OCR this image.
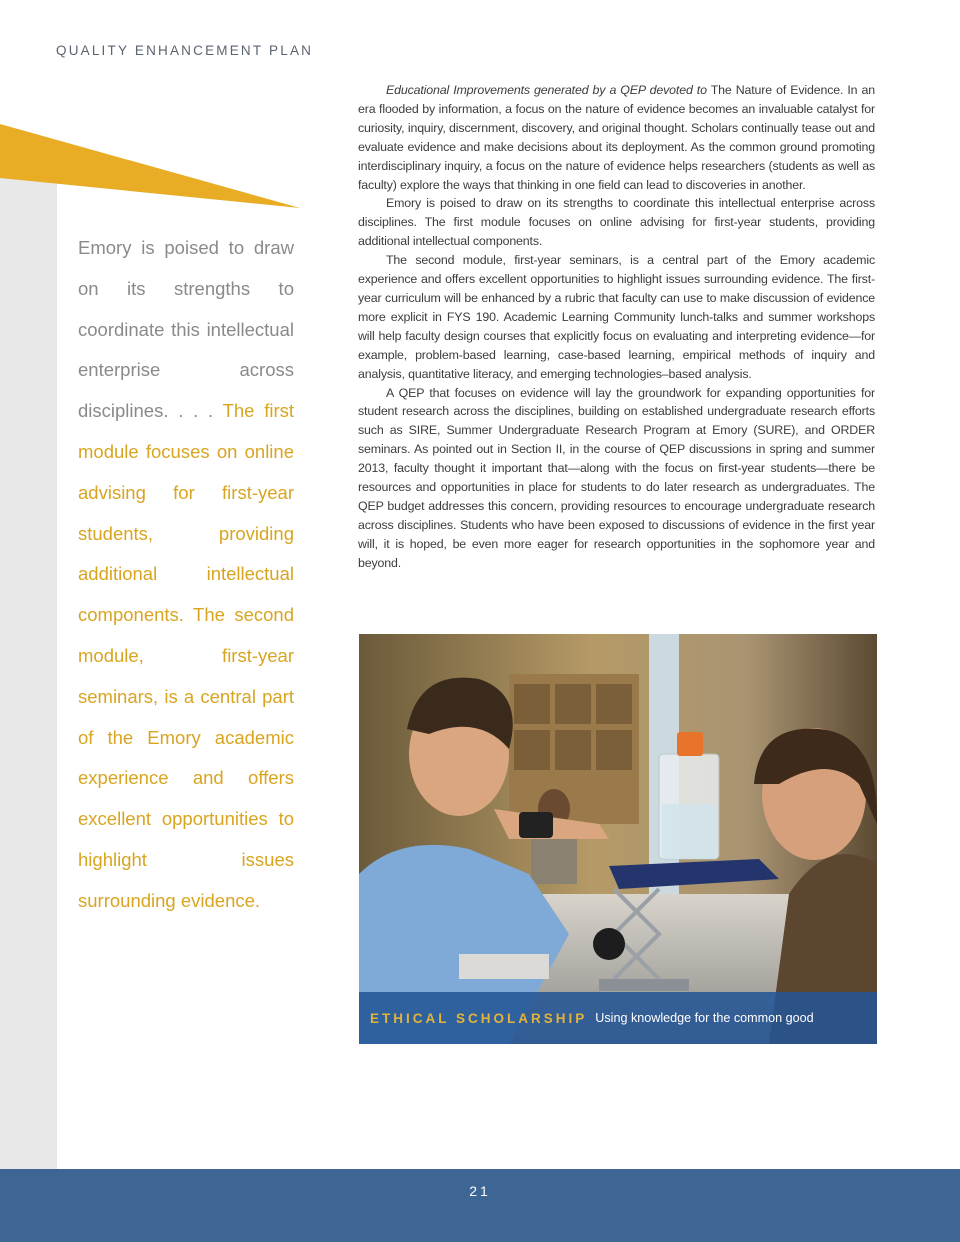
QUALITY ENHANCEMENT PLAN
Emory is poised to draw on its strengths to coordinate this intellectual enterprise across disciplines. . . . The first module focuses on online advising for first-year students, providing additional intellectual components. The second module, first-year seminars, is a central part of the Emory academic experience and offers excellent opportunities to highlight issues surrounding evidence.

Educational Improvements generated by a QEP devoted to The Nature of Evidence. In an era flooded by information, a focus on the nature of evidence becomes an invaluable catalyst for curiosity, inquiry, discernment, discovery, and original thought. Scholars continually tease out and evaluate evidence and make decisions about its deployment. As the common ground promoting interdisciplinary inquiry, a focus on the nature of evidence helps researchers (students as well as faculty) explore the ways that thinking in one field can lead to discoveries in another.

Emory is poised to draw on its strengths to coordinate this intellectual enterprise across disciplines. The first module focuses on online advising for first-year students, providing additional intellectual components.

The second module, first-year seminars, is a central part of the Emory academic experience and offers excellent opportunities to highlight issues surrounding evidence. The first-year curriculum will be enhanced by a rubric that faculty can use to make discussion of evidence more explicit in FYS 190. Academic Learning Community lunch-talks and summer workshops will help faculty design courses that explicitly focus on evaluating and interpreting evidence—for example, problem-based learning, case-based learning, empirical methods of inquiry and analysis, quantitative literacy, and emerging technologies–based analysis.

A QEP that focuses on evidence will lay the groundwork for expanding opportunities for student research across the disciplines, building on established undergraduate research efforts such as SIRE, Summer Undergraduate Research Program at Emory (SURE), and ORDER seminars. As pointed out in Section II, in the course of QEP discussions in spring and summer 2013, faculty thought it important that—along with the focus on first-year students—there be resources and opportunities in place for students to do later research as undergraduates. The QEP budget addresses this concern, providing resources to encourage undergraduate research across disciplines. Students who have been exposed to discussions of evidence in the first year will, it is hoped, be even more eager for research opportunities in the sophomore year and beyond.

ETHICAL SCHOLARSHIP Using knowledge for the common good
21
